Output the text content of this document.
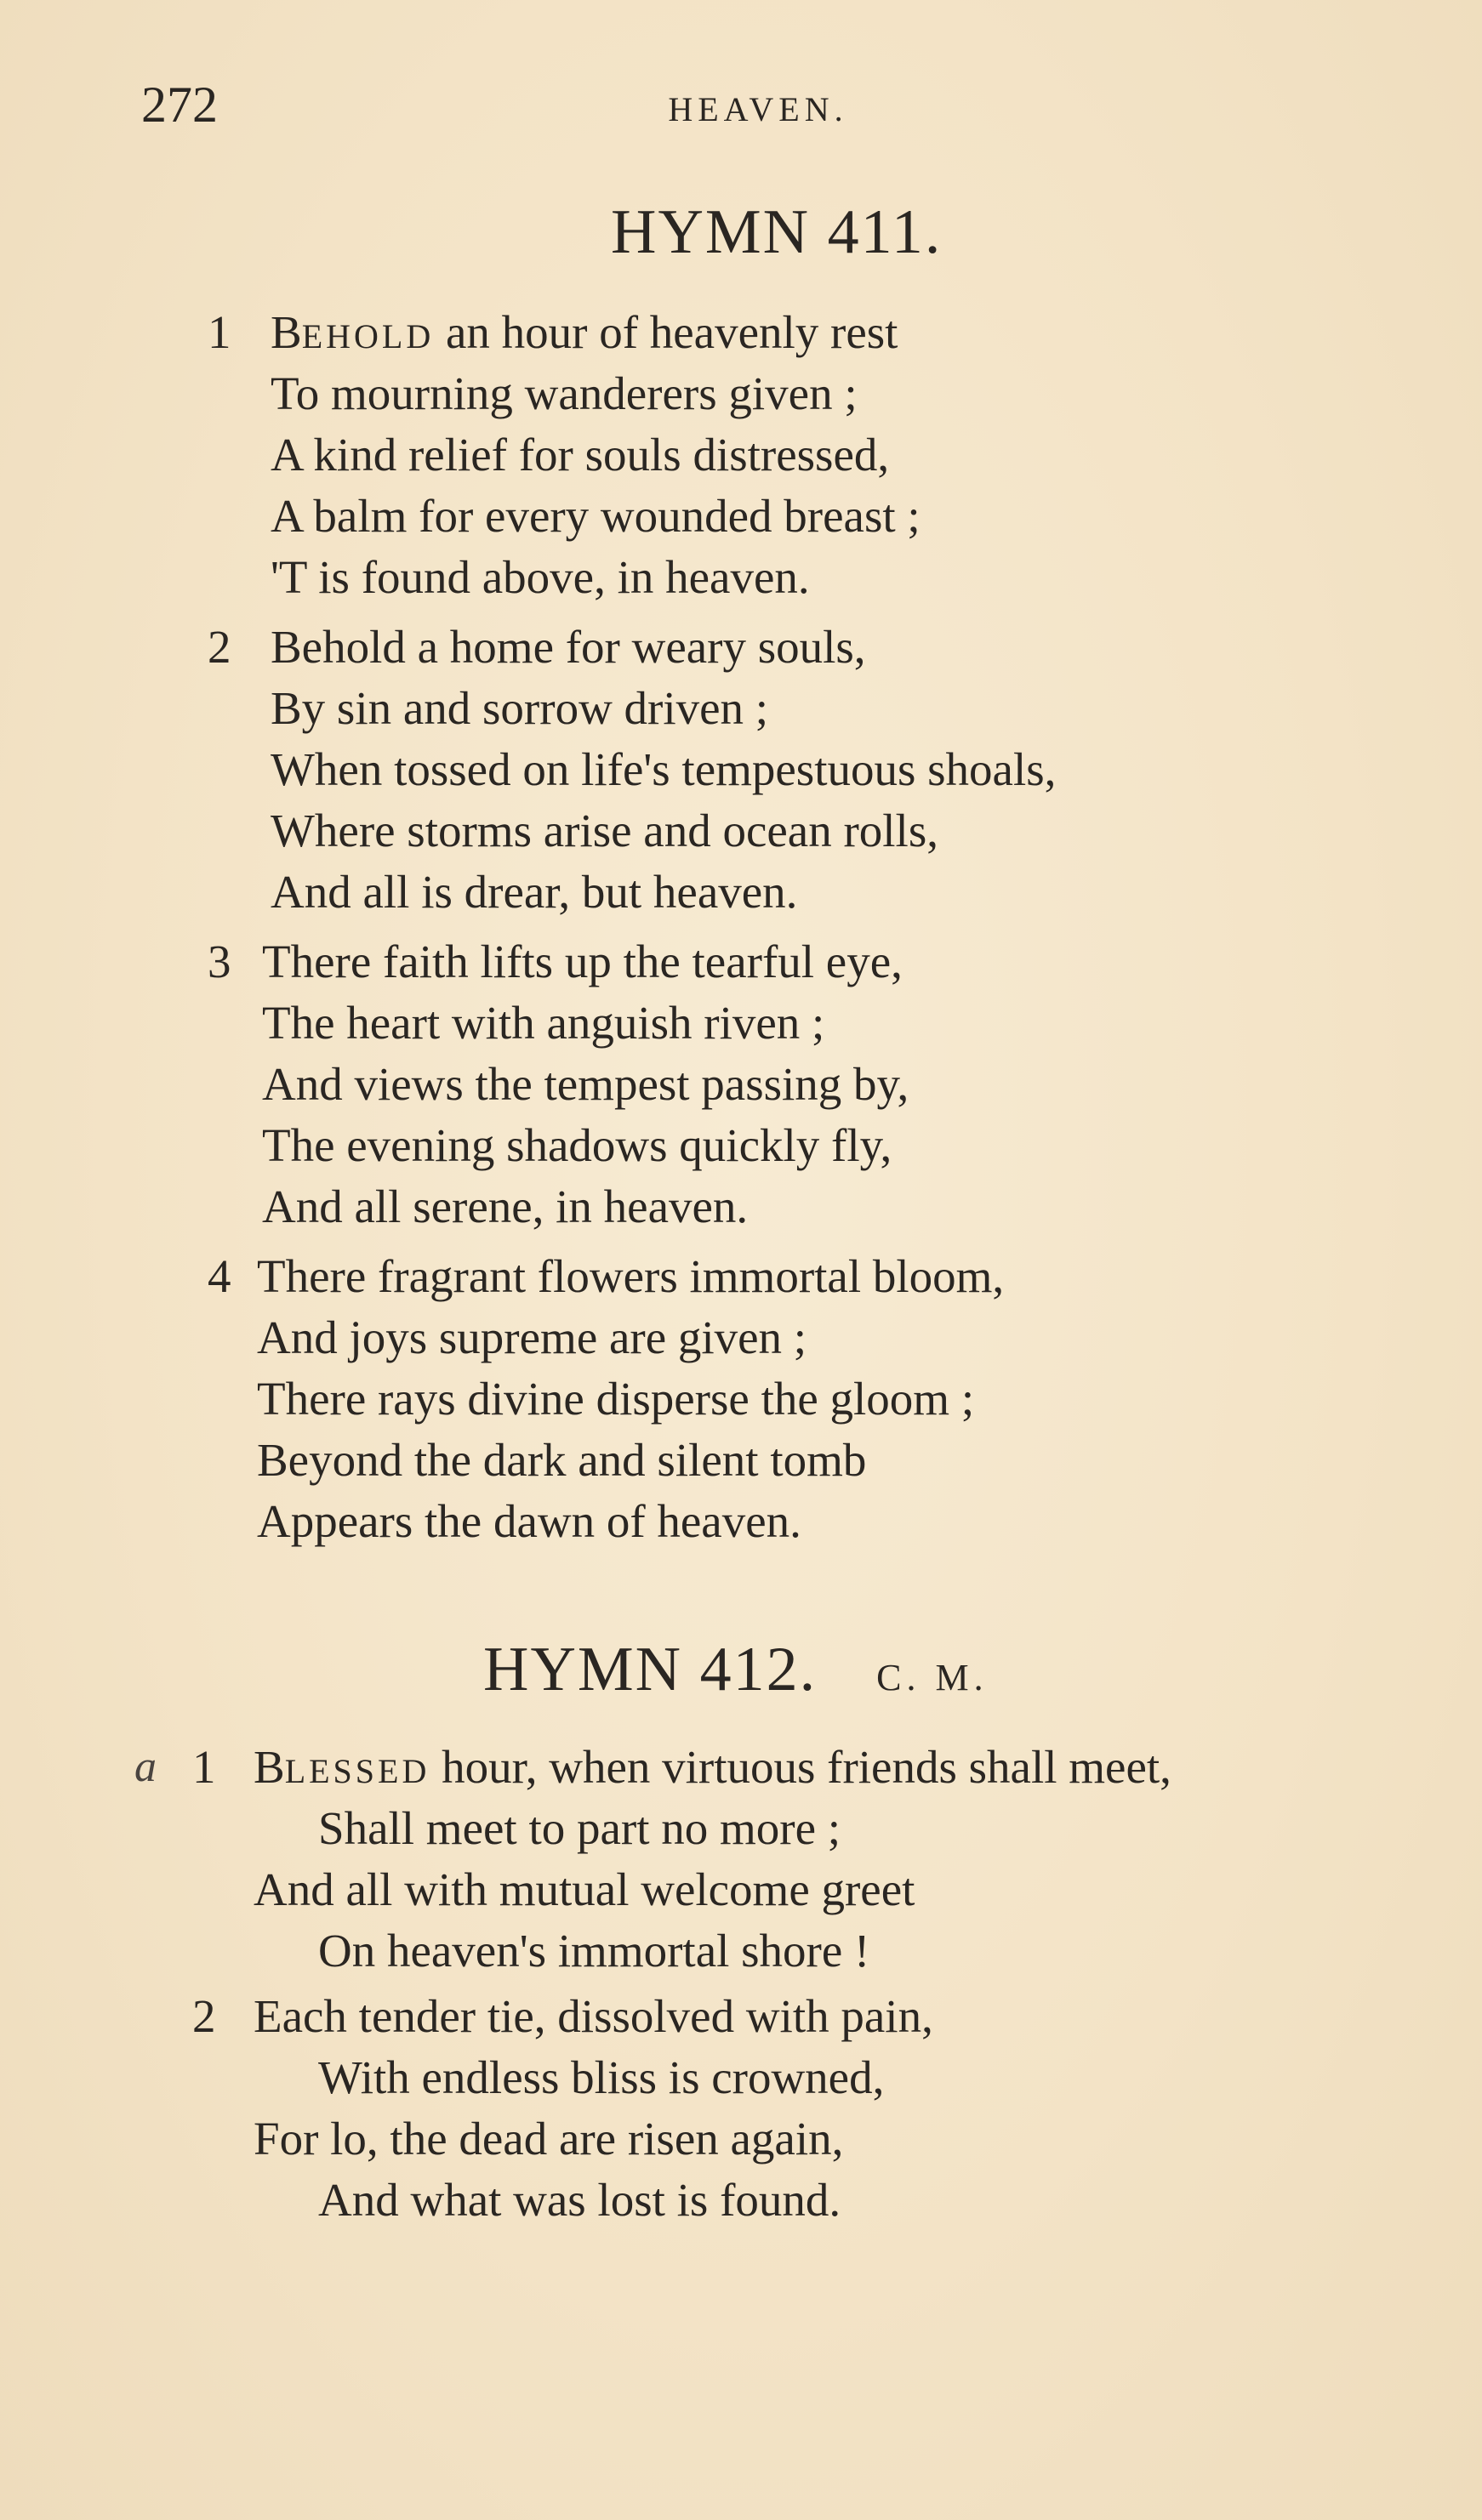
272	HEAVEN.
HYMN 411.
1 BEHOLD an hour of heavenly rest
To mourning wanderers given ;
A kind relief for souls distressed,
A balm for every wounded breast ;
'T is found above, in heaven.
2 Behold a home for weary souls,
By sin and sorrow driven ;
When tossed on life's tempestuous shoals,
Where storms arise and ocean rolls,
And all is drear, but heaven.
3 There faith lifts up the tearful eye,
The heart with anguish riven ;
And views the tempest passing by,
The evening shadows quickly fly,
And all serene, in heaven.
4 There fragrant flowers immortal bloom,
And joys supreme are given ;
There rays divine disperse the gloom ;
Beyond the dark and silent tomb
Appears the dawn of heaven.
HYMN 412. C. M.
a 1 BLESSED hour, when virtuous friends shall meet,
Shall meet to part no more ;
And all with mutual welcome greet
On heaven's immortal shore !
2 Each tender tie, dissolved with pain,
With endless bliss is crowned,
For lo, the dead are risen again,
And what was lost is found.
